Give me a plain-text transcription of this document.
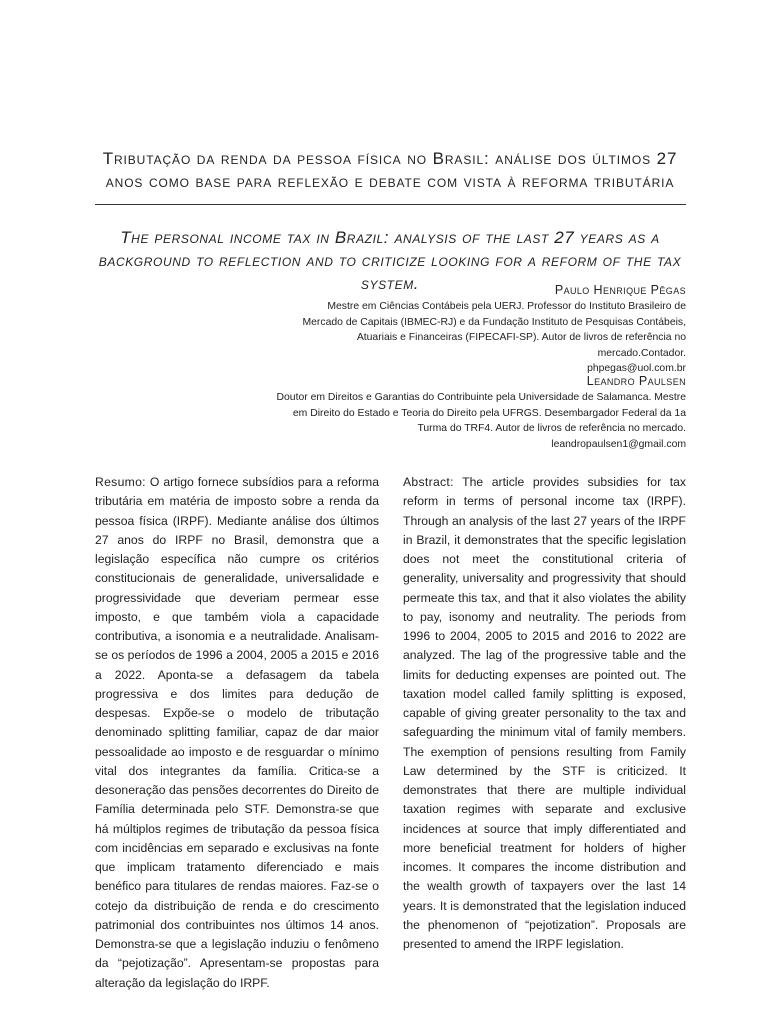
Tributação da renda da pessoa física no Brasil: análise dos últimos 27 anos como base para reflexão e debate com vista à reforma tributária
The personal income tax in Brazil: analysis of the last 27 years as a background to reflection and to criticize looking for a reform of the tax system.	Paulo Henrique Pêgas
Mestre em Ciências Contábeis pela UERJ. Professor do Instituto Brasileiro de Mercado de Capitais (IBMEC-RJ) e da Fundação Instituto de Pesquisas Contábeis, Atuariais e Financeiras (FIPECAFI-SP). Autor de livros de referência no mercado.Contador.
phpegas@uol.com.br
Leandro Paulsen
Doutor em Direitos e Garantias do Contribuinte pela Universidade de Salamanca. Mestre em Direito do Estado e Teoria do Direito pela UFRGS. Desembargador Federal da 1a Turma do TRF4. Autor de livros de referência no mercado.
leandropaulsen1@gmail.com
Resumo: O artigo fornece subsídios para a reforma tributária em matéria de imposto sobre a renda da pessoa física (IRPF). Mediante análise dos últimos 27 anos do IRPF no Brasil, demonstra que a legislação específica não cumpre os critérios constitucionais de generalidade, universalidade e progressividade que deveriam permear esse imposto, e que também viola a capacidade contributiva, a isonomia e a neutralidade. Analisam-se os períodos de 1996 a 2004, 2005 a 2015 e 2016 a 2022. Aponta-se a defasagem da tabela progressiva e dos limites para dedução de despesas. Expõe-se o modelo de tributação denominado splitting familiar, capaz de dar maior pessoalidade ao imposto e de resguardar o mínimo vital dos integrantes da família. Critica-se a desoneração das pensões decorrentes do Direito de Família determinada pelo STF. Demonstra-se que há múltiplos regimes de tributação da pessoa física com incidências em separado e exclusivas na fonte que implicam tratamento diferenciado e mais benéfico para titulares de rendas maiores. Faz-se o cotejo da distribuição de renda e do crescimento patrimonial dos contribuintes nos últimos 14 anos. Demonstra-se que a legislação induziu o fenômeno da “pejotização”. Apresentam-se propostas para alteração da legislação do IRPF.
Abstract: The article provides subsidies for tax reform in terms of personal income tax (IRPF). Through an analysis of the last 27 years of the IRPF in Brazil, it demonstrates that the specific legislation does not meet the constitutional criteria of generality, universality and progressivity that should permeate this tax, and that it also violates the ability to pay, isonomy and neutrality. The periods from 1996 to 2004, 2005 to 2015 and 2016 to 2022 are analyzed. The lag of the progressive table and the limits for deducting expenses are pointed out. The taxation model called family splitting is exposed, capable of giving greater personality to the tax and safeguarding the minimum vital of family members. The exemption of pensions resulting from Family Law determined by the STF is criticized. It demonstrates that there are multiple individual taxation regimes with separate and exclusive incidences at source that imply differentiated and more beneficial treatment for holders of higher incomes. It compares the income distribution and the wealth growth of taxpayers over the last 14 years. It is demonstrated that the legislation induced the phenomenon of “pejotization”. Proposals are presented to amend the IRPF legislation.
